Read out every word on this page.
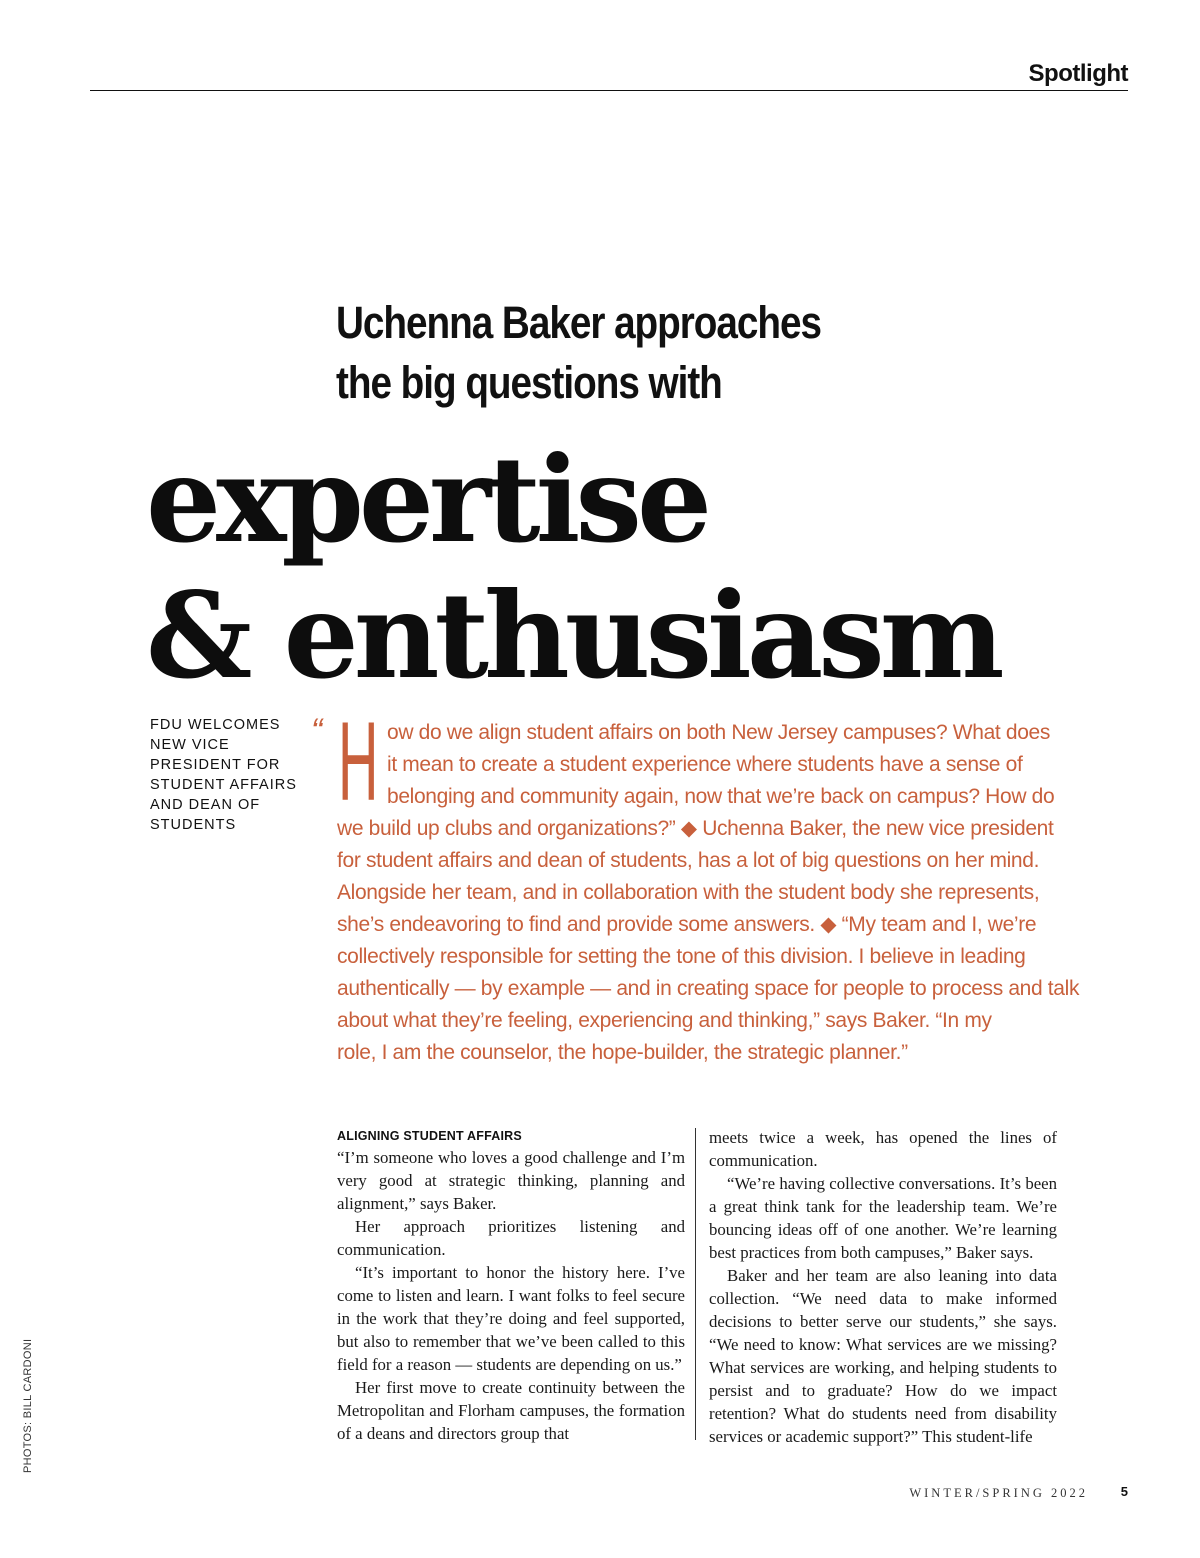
Spotlight
Uchenna Baker approaches
the big questions with
expertise
& enthusiasm
FDU WELCOMES
NEW VICE
PRESIDENT FOR
STUDENT AFFAIRS
AND DEAN OF
STUDENTS
“ H ow do we align student affairs on both New Jersey campuses? What does
it mean to create a student experience where students have a sense of
belonging and community again, now that we’re back on campus? How do
we build up clubs and organizations?” ◆ Uchenna Baker, the new vice president
for student affairs and dean of students, has a lot of big questions on her mind.
Alongside her team, and in collaboration with the student body she represents,
she’s endeavoring to find and provide some answers. ◆ “My team and I, we’re
collectively responsible for setting the tone of this division. I believe in leading
authentically — by example — and in creating space for people to process and talk
about what they’re feeling, experiencing and thinking,” says Baker. “In my
role, I am the counselor, the hope-builder, the strategic planner.”
ALIGNING STUDENT AFFAIRS

“I’m someone who loves a good challenge and I’m very good at strategic thinking, planning and alignment,” says Baker.

Her approach prioritizes listening and communication.

“It’s important to honor the history here. I’ve come to listen and learn. I want folks to feel secure in the work that they’re doing and feel supported, but also to remember that we’ve been called to this field for a reason — students are depending on us.”

Her first move to create continuity between the Metropolitan and Florham campuses, the formation of a deans and directors group that

meets twice a week, has opened the lines of communication.

“We’re having collective conversations. It’s been a great think tank for the leadership team. We’re bouncing ideas off of one another. We’re learning best practices from both campuses,” Baker says.

Baker and her team are also leaning into data collection. “We need data to make informed decisions to better serve our students,” she says. “We need to know: What services are we missing? What services are working, and helping students to persist and to graduate? How do we impact retention? What do students need from disability services or academic support?” This student-life

PHOTOS: BILL CARDONI
WINTER/SPRING 2022	5
